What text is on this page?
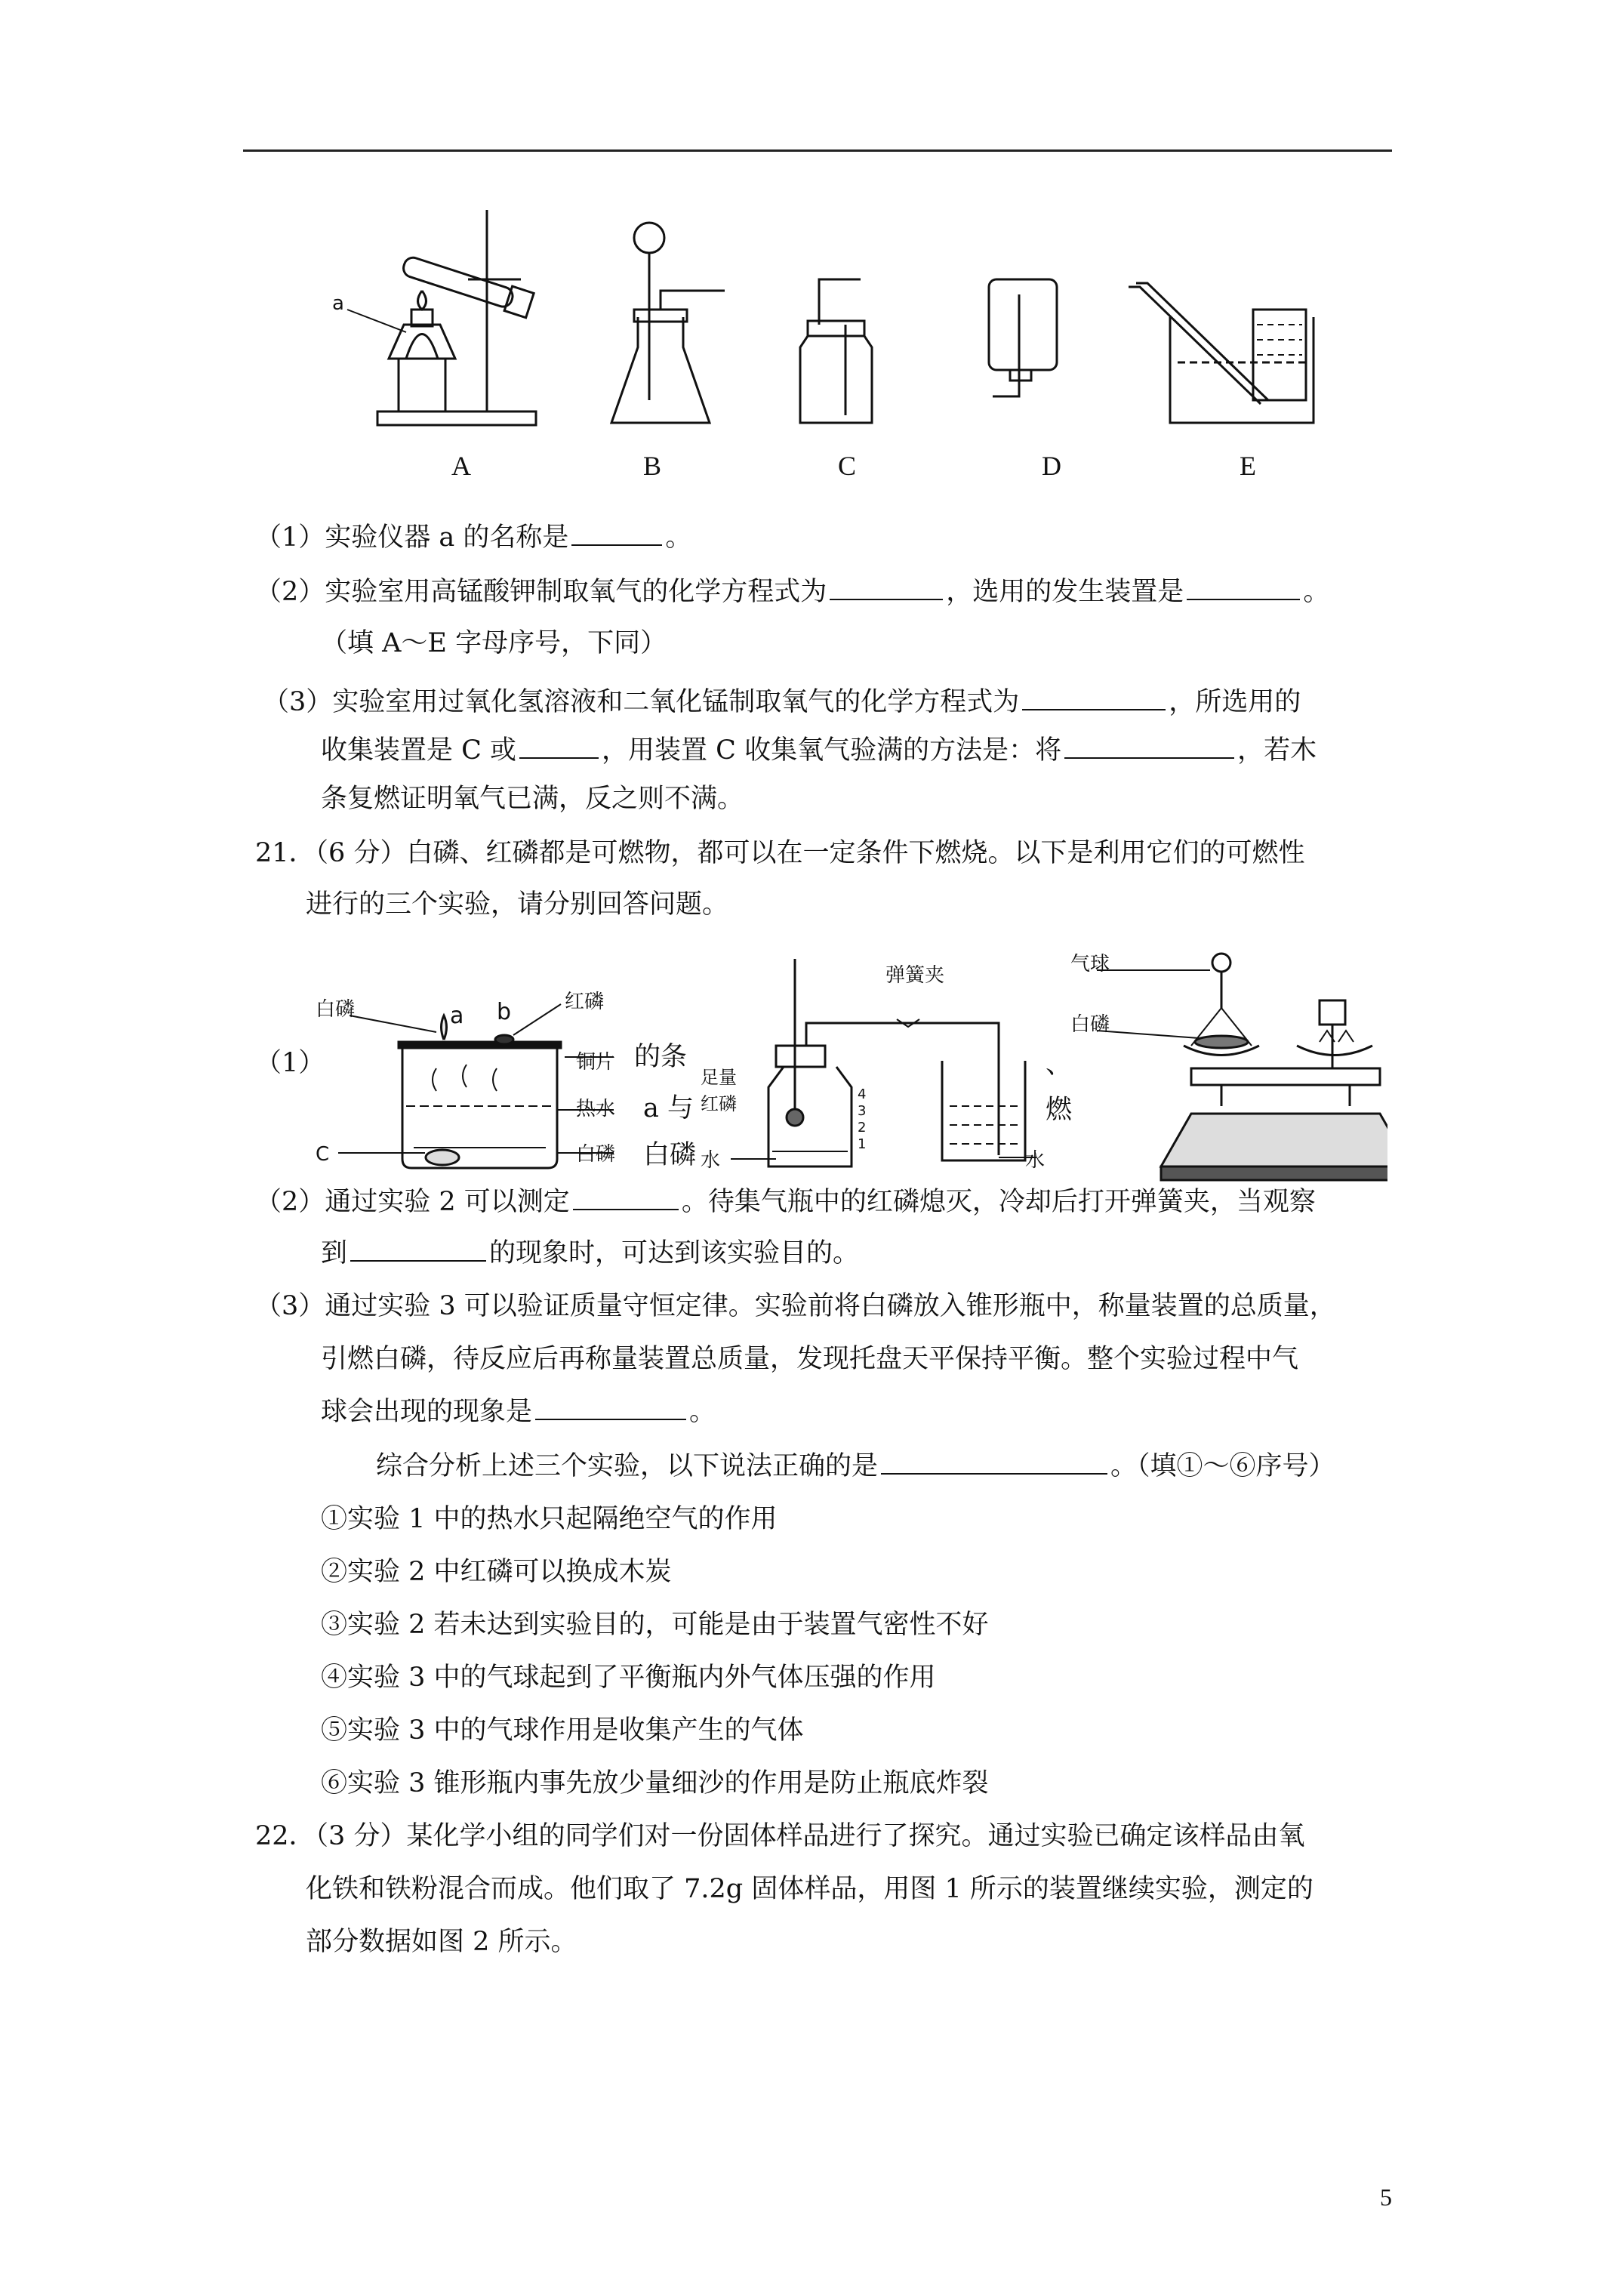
a
A	B	C	D	E
（1）实验仪器 a 的名称是	。
（2）实验室用高锰酸钾制取氧气的化学方程式为	，选用的发生装置是	。
（填 A～E 字母序号，下同）
（3）实验室用过氧化氢溶液和二氧化锰制取氧气的化学方程式为	，所选用的
收集装置是 C 或	，用装置 C 收集氧气验满的方法是：将	，若木
条复燃证明氧气已满，反之则不满。
21．（6 分）白磷、红磷都是可燃物，都可以在一定条件下燃烧。以下是利用它们的可燃性
进行的三个实验，请分别回答问题。
（1）	的条
a 与
白磷
、
燃
白磷	a b	红磷
铜片
热水
白磷
C
弹簧夹
足量
红磷
水	水
4
3
2
1
气球
白磷
（2）通过实验 2 可以测定	。待集气瓶中的红磷熄灭，冷却后打开弹簧夹，当观察
到	的现象时，可达到该实验目的。
（3）通过实验 3 可以验证质量守恒定律。实验前将白磷放入锥形瓶中，称量装置的总质量，
引燃白磷，待反应后再称量装置总质量，发现托盘天平保持平衡。整个实验过程中气
球会出现的现象是	。
综合分析上述三个实验，以下说法正确的是	。（填①～⑥序号）
①实验 1 中的热水只起隔绝空气的作用
②实验 2 中红磷可以换成木炭
③实验 2 若未达到实验目的，可能是由于装置气密性不好
④实验 3 中的气球起到了平衡瓶内外气体压强的作用
⑤实验 3 中的气球作用是收集产生的气体
⑥实验 3 锥形瓶内事先放少量细沙的作用是防止瓶底炸裂
22．（3 分）某化学小组的同学们对一份固体样品进行了探究。通过实验已确定该样品由氧
化铁和铁粉混合而成。他们取了 7.2g 固体样品，用图 1 所示的装置继续实验，测定的
部分数据如图 2 所示。
5
